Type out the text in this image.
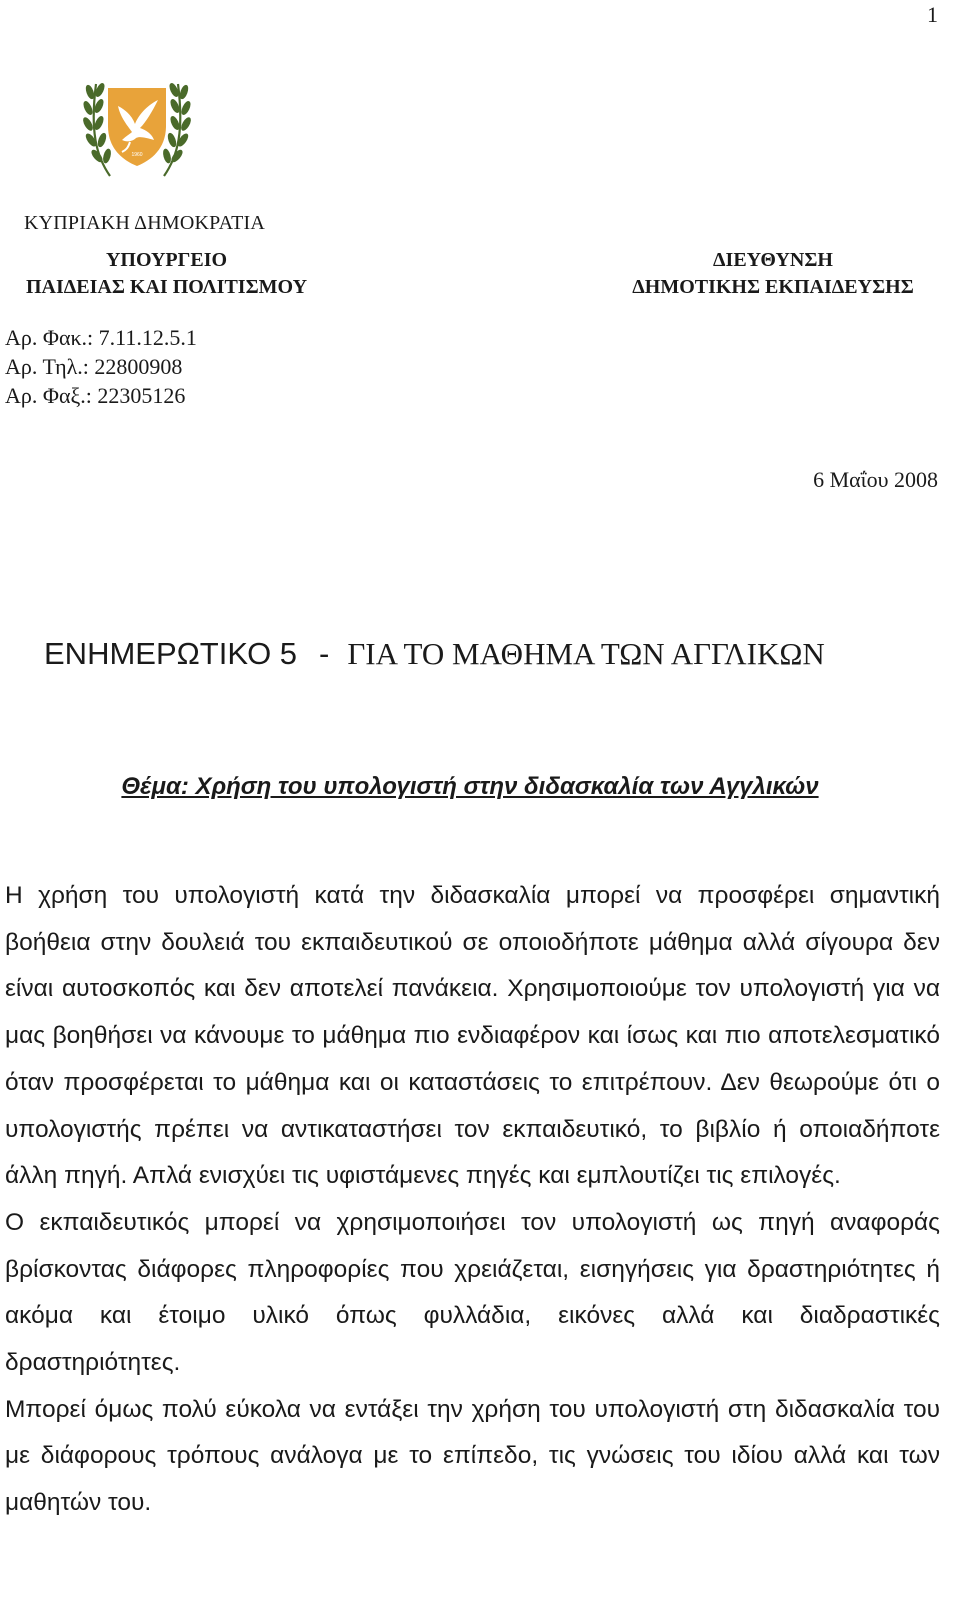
1
1960
ΚΥΠΡΙΑΚΗ ΔΗΜΟΚΡΑΤΙΑ
ΥΠΟΥΡΓΕΙΟ
ΠΑΙΔΕΙΑΣ ΚΑΙ ΠΟΛΙΤΙΣΜΟΥ
ΔΙΕΥΘΥΝΣΗ
ΔΗΜΟΤΙΚΗΣ ΕΚΠΑΙΔΕΥΣΗΣ
Αρ. Φακ.: 7.11.12.5.1
Αρ. Τηλ.: 22800908
Αρ. Φαξ.: 22305126
6 Μαΐου 2008
ΕΝΗΜΕΡΩΤΙΚΟ 5 - ΓΙΑ ΤΟ ΜΑΘΗΜΑ ΤΩΝ ΑΓΓΛΙΚΩΝ
Θέμα: Χρήση του υπολογιστή στην διδασκαλία των Αγγλικών

Η χρήση του υπολογιστή κατά την διδασκαλία μπορεί να προσφέρει σημαντική βοήθεια στην δουλειά του εκπαιδευτικού σε οποιοδήποτε μάθημα αλλά σίγουρα δεν είναι αυτοσκοπός και δεν αποτελεί πανάκεια. Χρησιμοποιούμε τον υπολογιστή για να μας βοηθήσει να κάνουμε το μάθημα πιο ενδιαφέρον και ίσως και πιο αποτελεσματικό όταν προσφέρεται το μάθημα και οι καταστάσεις το επιτρέπουν. Δεν θεωρούμε ότι ο υπολογιστής πρέπει να αντικαταστήσει τον εκπαιδευτικό, το βιβλίο ή οποιαδήποτε άλλη πηγή. Απλά ενισχύει τις υφιστάμενες πηγές και εμπλουτίζει τις επιλογές.

Ο εκπαιδευτικός μπορεί να χρησιμοποιήσει τον υπολογιστή ως πηγή αναφοράς βρίσκοντας διάφορες πληροφορίες που χρειάζεται, εισηγήσεις για δραστηριότητες ή ακόμα και έτοιμο υλικό όπως φυλλάδια, εικόνες αλλά και διαδραστικές δραστηριότητες.

Μπορεί όμως πολύ εύκολα να εντάξει την χρήση του υπολογιστή στη διδασκαλία του με διάφορους τρόπους ανάλογα με το επίπεδο, τις γνώσεις του ιδίου αλλά και των μαθητών του.
